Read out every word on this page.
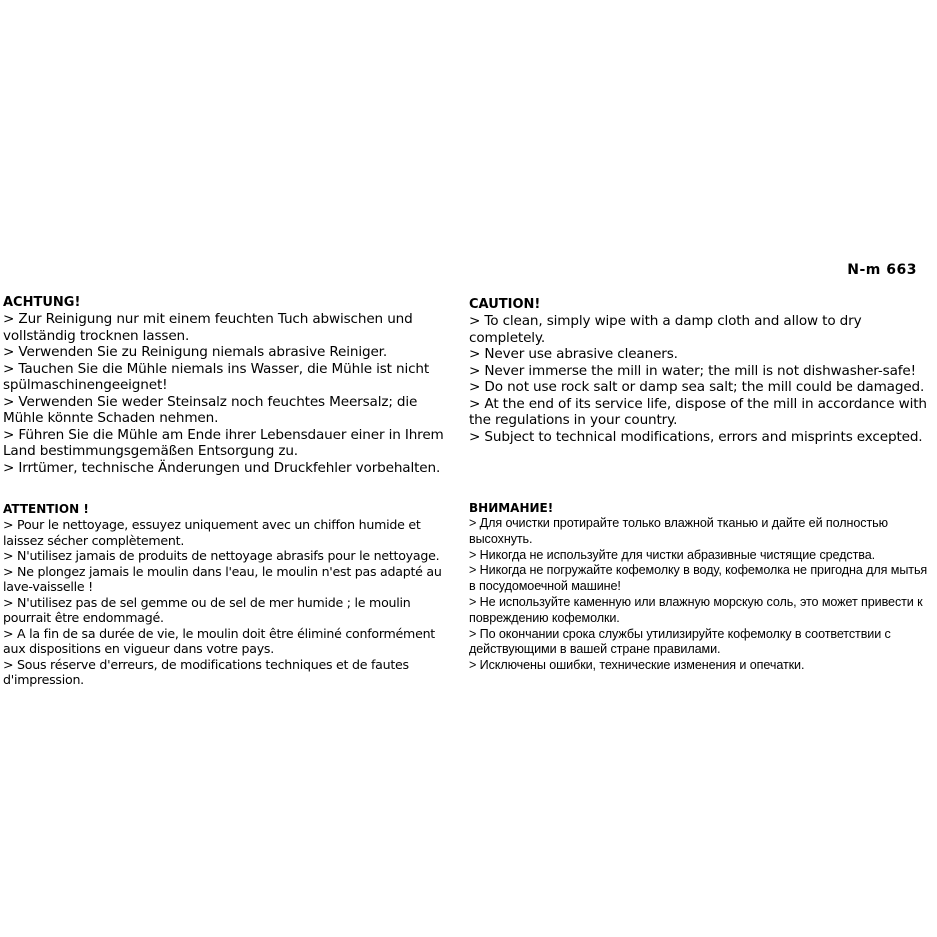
N-m 663
ACHTUNG!
> Zur Reinigung nur mit einem feuchten Tuch abwischen und vollständig trocknen lassen.
> Verwenden Sie zu Reinigung niemals abrasive Reiniger.
> Tauchen Sie die Mühle niemals ins Wasser, die Mühle ist nicht spülmaschinengeeignet!
> Verwenden Sie weder Steinsalz noch feuchtes Meersalz; die Mühle könnte Schaden nehmen.
> Führen Sie die Mühle am Ende ihrer Lebensdauer einer in Ihrem Land bestimmungsgemäßen Entsorgung zu.
> Irrtümer, technische Änderungen und Druckfehler vorbehalten.
CAUTION!
> To clean, simply wipe with a damp cloth and allow to dry completely.
> Never use abrasive cleaners.
> Never immerse the mill in water; the mill is not dishwasher-safe!
> Do not use rock salt or damp sea salt; the mill could be damaged.
> At the end of its service life, dispose of the mill in accordance with the regulations in your country.
> Subject to technical modifications, errors and misprints excepted.
ATTENTION !
> Pour le nettoyage, essuyez uniquement avec un chiffon humide et laissez sécher complètement.
> N'utilisez jamais de produits de nettoyage abrasifs pour le nettoyage.
> Ne plongez jamais le moulin dans l'eau, le moulin n'est pas adapté au lave-vaisselle !
> N'utilisez pas de sel gemme ou de sel de mer humide ; le moulin pourrait être endommagé.
> A la fin de sa durée de vie, le moulin doit être éliminé conformément aux dispositions en vigueur dans votre pays.
> Sous réserve d'erreurs, de modifications techniques et de fautes d'impression.
ВНИМАНИЕ!
> Для очистки протирайте только влажной тканью и дайте ей полностью высохнуть.
> Никогда не используйте для чистки абразивные чистящие средства.
> Никогда не погружайте кофемолку в воду, кофемолка не пригодна для мытья в посудомоечной машине!
> Не используйте каменную или влажную морскую соль, это может привести к повреждению кофемолки.
> По окончании срока службы утилизируйте кофемолку в соответствии с действующими в вашей стране правилами.
> Исключены ошибки, технические изменения и опечатки.
